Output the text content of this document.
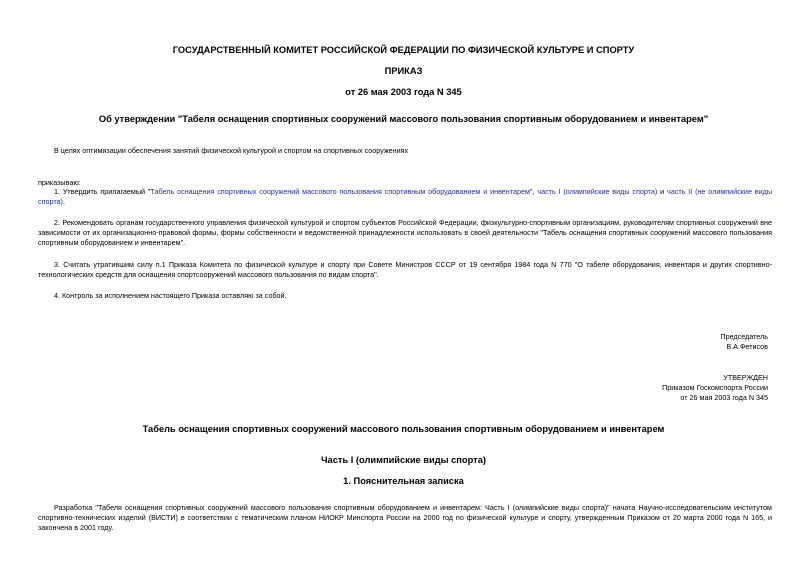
ГОСУДАРСТВЕННЫЙ КОМИТЕТ РОССИЙСКОЙ ФЕДЕРАЦИИ ПО ФИЗИЧЕСКОЙ КУЛЬТУРЕ И СПОРТУ
ПРИКАЗ
от 26 мая 2003 года N 345
Об утверждении "Табеля оснащения спортивных сооружений массового пользования спортивным оборудованием и инвентарем"
В целях оптимизации обеспечения занятий физической культурой и спортом на спортивных сооружениях
приказываю:
1. Утвердить прилагаемый "Табель оснащения спортивных сооружений массового пользования спортивным оборудованием и инвентарем", часть I (олимпийские виды спорта) и часть II (не олимпийские виды спорта).
2. Рекомендовать органам государственного управления физической культурой и спортом субъектов Российской Федерации, физкультурно-спортивным организациям, руководителям спортивных сооружений вне зависимости от их организационно-правовой формы, формы собственности и ведомственной принадлежности использовать в своей деятельности "Табель оснащения спортивных сооружений массового пользования спортивным оборудованием и инвентарем".
3. Считать утратившим силу п.1 Приказа Комитета по физической культуре и спорту при Совете Министров СССР от 19 сентября 1984 года N 770 "О табеле оборудования, инвентаря и других спортивно-технологических средств для оснащения спортсооружений массового пользования по видам спорта".
4. Контроль за исполнением настоящего Приказа оставляю за собой.
Председатель
В.А.Фетисов
УТВЕРЖДЕН
Приказом Госкомспорта России
от 26 мая 2003 года N 345
Табель оснащения спортивных сооружений массового пользования спортивным оборудованием и инвентарем
Часть I (олимпийские виды спорта)
1. Пояснительная записка
Разработка "Табеля оснащения спортивных сооружений массового пользования спортивным оборудованием и инвентарем: Часть I (олимпийские виды спорта)" начата Научно-исследовательским институтом спортивно-технических изделий (ВИСТИ) в соответствии с тематическим планом НИОКР Минспорта России на 2000 год по физической культуре и спорту, утвержденным Приказом от 20 марта 2000 года N 165, и закончена в 2001 году.
